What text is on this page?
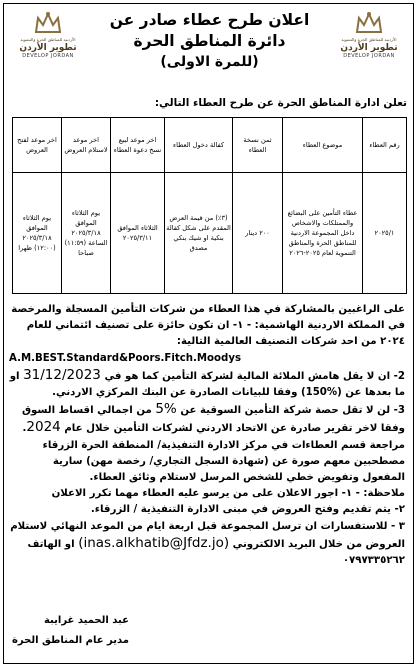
الأردنية للمناطق الحرة والتنموية
تطوير الأردن
DEVELOP JORDAN
الأردنية للمناطق الحرة والتنموية
تطوير الأردن
DEVELOP JORDAN
اعلان طرح عطاء صادر عن
دائرة المناطق الحرة
(للمرة الاولى)
تعلن ادارة المناطق الحرة عن طرح العطاء التالي:
رقم العطاء	موضوع العطاء	ثمن نسخة العطاء	كفالة دخول العطاء	اخر موعد لبيع نسخ دعوة العطاء	اخر موعد لاستلام العروض	اخر موعد لفتح العروض
٢٠٢٥/١	عطاء التأمين على البضائع والممتلكات والاشخاص داخل المجموعة الاردنية للمناطق الحرة والمناطق التنموية لعام ٢٠٢٥-٢٠٢٦	٢٠٠ دينار	(٣٪) من قيمة العرض المقدم على شكل كفالة بنكية او شيك بنكي مصدق	الثلاثاء الموافق ٢٠٢٥/٣/١١	يوم الثلاثاء الموافق ٢٠٢٥/٣/١٨ الساعة (١١:٥٩) صباحا	يوم الثلاثاء الموافق ٢٠٢٥/٣/١٨ (١٢:٠٠) ظهرا

على الراغبين بالمشاركة في هذا العطاء من شركات التأمين المسجلة والمرخصة في المملكة الاردنية الهاشمية: - ١- ان تكون حائزة على تصنيف ائتماني للعام ٢٠٢٤ من احد شركات التصنيف العالمية التالية:

A.M.BEST.Standard&Poors.Fitch.Moodys

2- ان لا يقل هامش الملائة المالية لشركة التأمين كما هو في 31/12/2023 او ما بعدها عن (150%) وفقا للبيانات الصادرة عن البنك المركزي الاردني.

3- لن لا تقل حصة شركة التأمين السوقية عن 5% من اجمالي اقساط السوق وفقا لاخر تقرير صادرة عن الاتحاد الاردني لشركات التأمين خلال عام 2024.

مراجعة قسم العطاءات في مركز الادارة التنفيذية/ المنطقة الحرة الزرقاء مصطحبين معهم صورة عن (شهادة السجل التجاري/ رخصة مهن) سارية المفعول وتفويض خطي للشخص المرسل لاستلام وثائق العطاء.

ملاحظة: - ١- اجور الاعلان على من يرسو عليه العطاء مهما تكرر الاعلان

٢- يتم تقديم وفتح العروض في مبنى الادارة التنفيذية / الزرقاء.

٣ - للاستفسارات ان ترسل المجموعة قبل اربعة ايام من الموعد النهائي لاستلام العروض من خلال البريد الالكتروني (inas.alkhatib@Jfdz.jo) او الهاتف ٠٧٩٧٣٣٥٢٦٢

عبد الحميد غرايبة
مدير عام المناطق الحرة
